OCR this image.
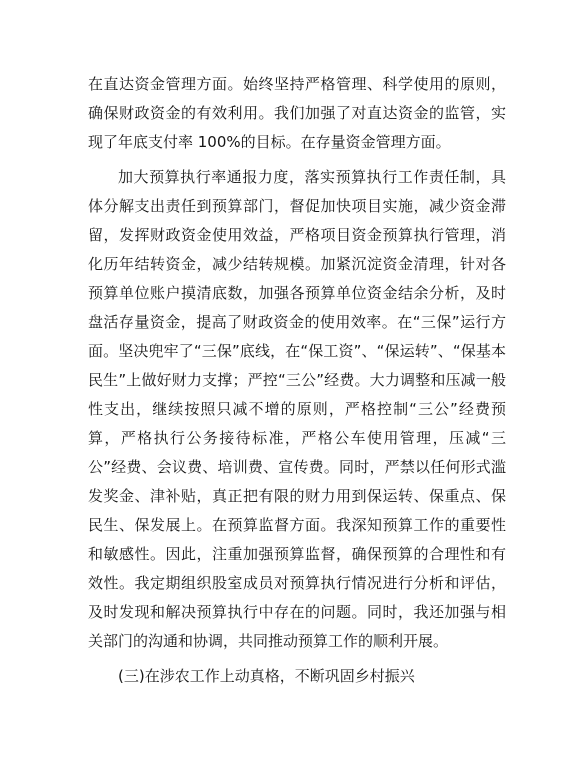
在直达资金管理方面。始终坚持严格管理、科学使用的原则，确保财政资金的有效利用。我们加强了对直达资金的监管，实现了年底支付率 100%的目标。在存量资金管理方面。

加大预算执行率通报力度，落实预算执行工作责任制，具体分解支出责任到预算部门，督促加快项目实施，减少资金滞留，发挥财政资金使用效益，严格项目资金预算执行管理，消化历年结转资金，减少结转规模。加紧沉淀资金清理，针对各预算单位账户摸清底数，加强各预算单位资金结余分析，及时盘活存量资金，提高了财政资金的使用效率。在“三保”运行方面。坚决兜牢了“三保”底线，在“保工资”、“保运转”、“保基本民生”上做好财力支撑；严控“三公”经费。大力调整和压减一般性支出，继续按照只减不增的原则，严格控制“三公”经费预算，严格执行公务接待标准，严格公车使用管理，压减“三公”经费、会议费、培训费、宣传费。同时，严禁以任何形式滥发奖金、津补贴，真正把有限的财力用到保运转、保重点、保民生、保发展上。在预算监督方面。我深知预算工作的重要性和敏感性。因此，注重加强预算监督，确保预算的合理性和有效性。我定期组织股室成员对预算执行情况进行分析和评估，及时发现和解决预算执行中存在的问题。同时，我还加强与相关部门的沟通和协调，共同推动预算工作的顺利开展。

(三)在涉农工作上动真格，不断巩固乡村振兴
